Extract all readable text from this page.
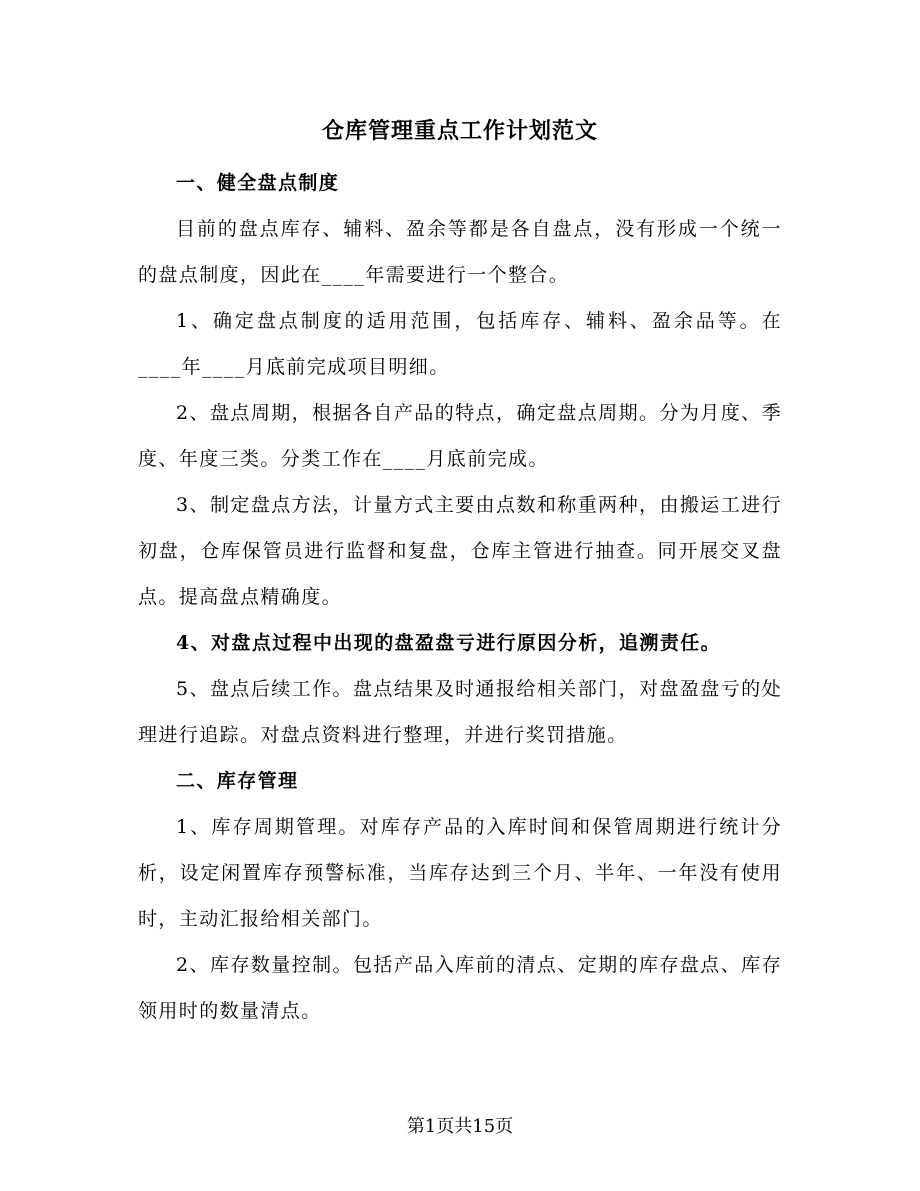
仓库管理重点工作计划范文

一、健全盘点制度

目前的盘点库存、辅料、盈余等都是各自盘点，没有形成一个统一的盘点制度，因此在____年需要进行一个整合。

1、确定盘点制度的适用范围，包括库存、辅料、盈余品等。在____年____月底前完成项目明细。

2、盘点周期，根据各自产品的特点，确定盘点周期。分为月度、季度、年度三类。分类工作在____月底前完成。

3、制定盘点方法，计量方式主要由点数和称重两种，由搬运工进行初盘，仓库保管员进行监督和复盘，仓库主管进行抽查。同开展交叉盘点。提高盘点精确度。

4、对盘点过程中出现的盘盈盘亏进行原因分析，追溯责任。

5、盘点后续工作。盘点结果及时通报给相关部门，对盘盈盘亏的处理进行追踪。对盘点资料进行整理，并进行奖罚措施。

二、库存管理

1、库存周期管理。对库存产品的入库时间和保管周期进行统计分析，设定闲置库存预警标准，当库存达到三个月、半年、一年没有使用时，主动汇报给相关部门。

2、库存数量控制。包括产品入库前的清点、定期的库存盘点、库存领用时的数量清点。

第1页共15页
